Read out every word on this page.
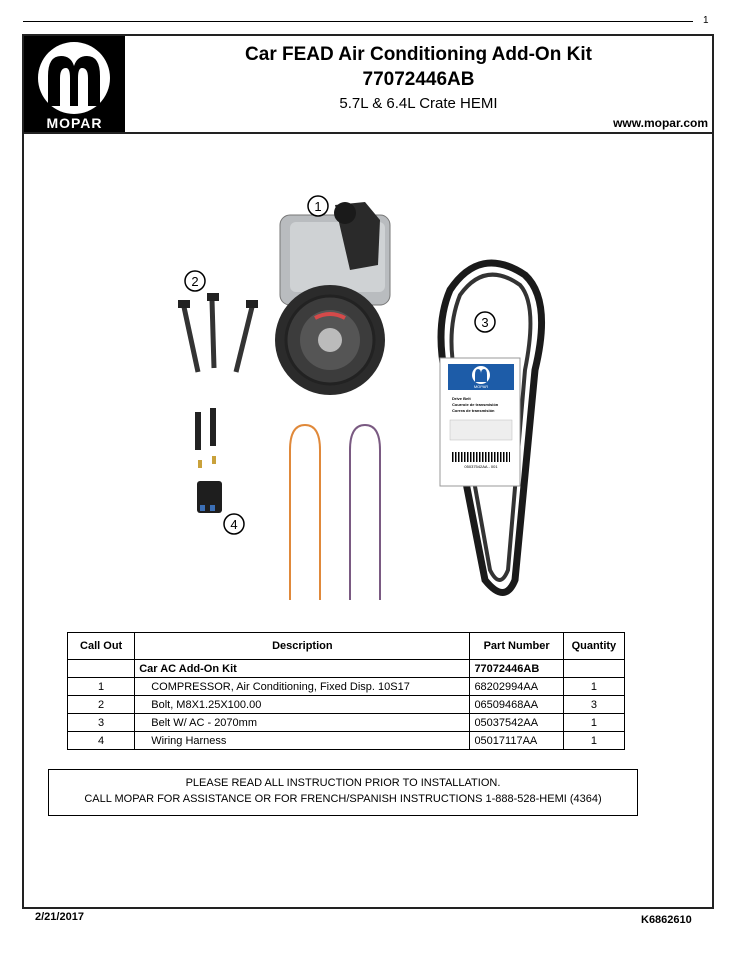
1
MOPAR
Car FEAD Air Conditioning Add-On Kit
77072446AB
5.7L & 6.4L Crate HEMI
www.mopar.com
1
2
4
MOPAR
Drive Belt
Courroie de transmisión
Correa de transmisión
05037542AA - 001
3
Call Out	Description	Part Number	Quantity
	Car AC Add-On Kit	77072446AB	
1	COMPRESSOR, Air Conditioning, Fixed Disp. 10S17	68202994AA	1
2	Bolt, M8X1.25X100.00	06509468AA	3
3	Belt W/ AC - 2070mm	05037542AA	1
4	Wiring Harness	05017117AA	1
PLEASE READ ALL INSTRUCTION PRIOR TO INSTALLATION.
CALL MOPAR FOR ASSISTANCE OR FOR FRENCH/SPANISH INSTRUCTIONS 1-888-528-HEMI (4364)
2/21/2017	K6862610
